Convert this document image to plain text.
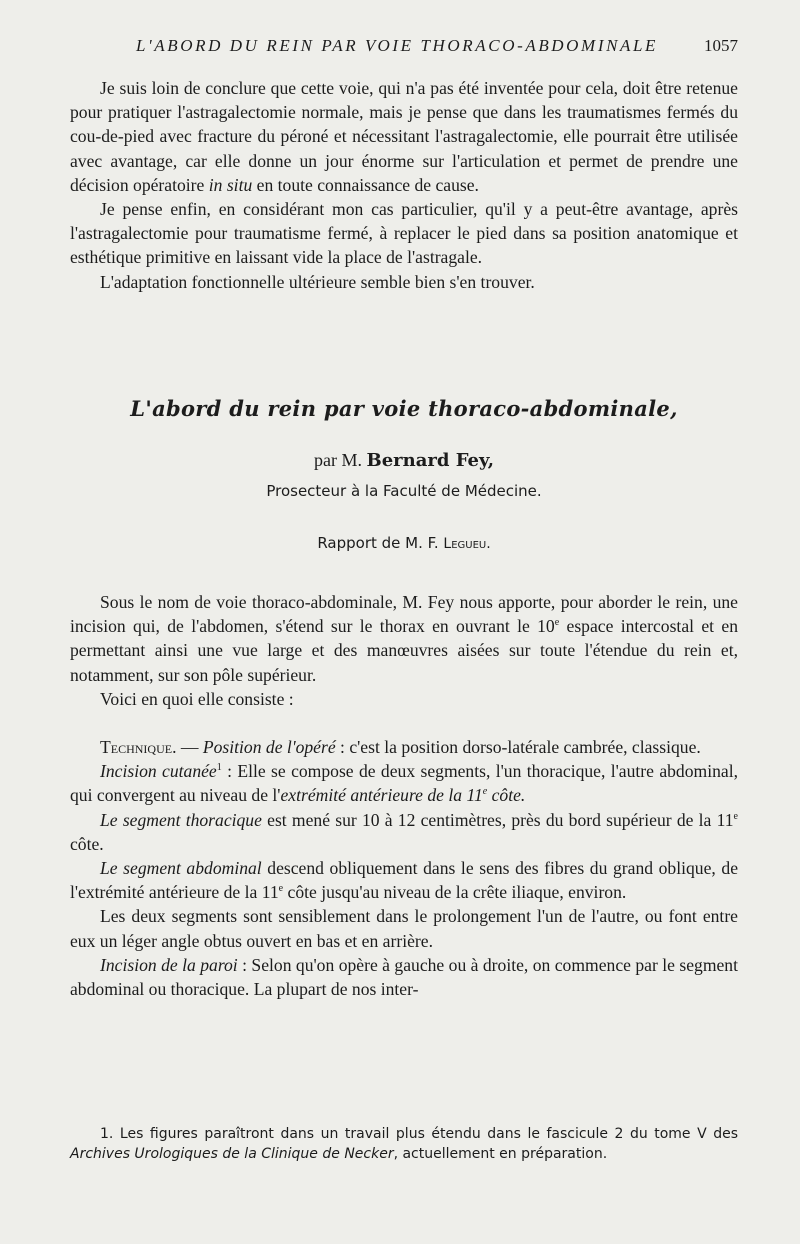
L'ABORD DU REIN PAR VOIE THORACO-ABDOMINALE	1057

Je suis loin de conclure que cette voie, qui n'a pas été inventée pour cela, doit être retenue pour pratiquer l'astragalectomie normale, mais je pense que dans les traumatismes fermés du cou-de-pied avec fracture du péroné et nécessitant l'astragalectomie, elle pourrait être utilisée avec avantage, car elle donne un jour énorme sur l'articulation et permet de prendre une décision opératoire in situ en toute connaissance de cause.

Je pense enfin, en considérant mon cas particulier, qu'il y a peut-être avantage, après l'astragalectomie pour traumatisme fermé, à replacer le pied dans sa position anatomique et esthétique primitive en laissant vide la place de l'astragale.

L'adaptation fonctionnelle ultérieure semble bien s'en trouver.

L'abord du rein par voie thoracо-abdominale,
par M. Bernard Fey,
Prosecteur à la Faculté de Médecine.
Rapport de M. F. Legueu.

Sous le nom de voie thoraco-abdominale, M. Fey nous apporte, pour aborder le rein, une incision qui, de l'abdomen, s'étend sur le thorax en ouvrant le 10e espace intercostal et en permettant ainsi une vue large et des manœuvres aisées sur toute l'étendue du rein et, notamment, sur son pôle supérieur.

Voici en quoi elle consiste :

Technique. — Position de l'opéré : c'est la position dorso-latérale cambrée, classique.

Incision cutanée$^1$ : Elle se compose de deux segments, l'un thoracique, l'autre abdominal, qui convergent au niveau de l'extrémité antérieure de la 11e côte.

Le segment thoracique est mené sur 10 à 12 centimètres, près du bord supérieur de la 11e côte.

Le segment abdominal descend obliquement dans le sens des fibres du grand oblique, de l'extrémité antérieure de la 11e côte jusqu'au niveau de la crête iliaque, environ.

Les deux segments sont sensiblement dans le prolongement l'un de l'autre, ou font entre eux un léger angle obtus ouvert en bas et en arrière.

Incision de la paroi : Selon qu'on opère à gauche ou à droite, on commence par le segment abdominal ou thoracique. La plupart de nos inter-

1. Les figures paraîtront dans un travail plus étendu dans le fascicule 2 du tome V des Archives Urologiques de la Clinique de Necker, actuellement en préparation.
